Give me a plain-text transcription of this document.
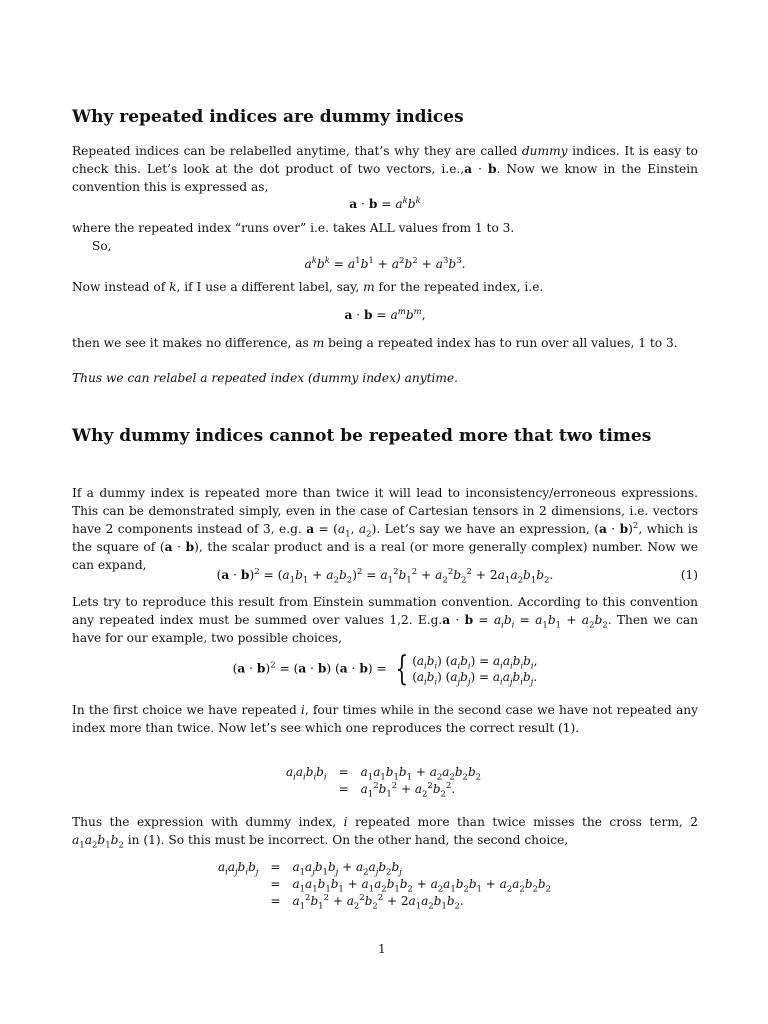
Why repeated indices are dummy indices

Repeated indices can be relabelled anytime, that’s why they are called dummy indices. It is easy to check this. Let’s look at the dot product of two vectors, i.e.,a · b. Now we know in the Einstein convention this is expressed as,

$a \cdot b = a^kb^k$

where the repeated index “runs over” i.e. takes ALL values from 1 to 3.

So,

$a^kb^k = a^1b^1 + a^2b^2 + a^3b^3$.

Now instead of k, if I use a different label, say, m for the repeated index, i.e.

$a \cdot b = a^mb^m$,

then we see it makes no difference, as m being a repeated index has to run over all values, 1 to 3.

Thus we can relabel a repeated index (dummy index) anytime.

Why dummy indices cannot be repeated more that two times

If a dummy index is repeated more than twice it will lead to inconsistency/erroneous expressions. This can be demonstrated simply, even in the case of Cartesian tensors in 2 dimensions, i.e. vectors have 2 components instead of 3, e.g. $a = (a_1$, $a_2$). Let’s say we have an expression, $(a \cdot b)^2$, which is the square of (a · b), the scalar product and is a real (or more generally complex) number. Now we can expand,

$(a \cdot b)^2 = (a_1b_1 + a_2b_2)^2 = a_1^2b_1^2 + a_2^2b_2^2 + 2a_1a_2b_1b_2$.	(1)

Lets try to reproduce this result from Einstein summation convention. According to this convention any repeated index must be summed over values 1,2. $E.g.a \cdot b = a_ib_i = a_1b_1 + a_2b_2$. Then we can have for our example, two possible choices,

$(a \cdot b)^2 = (a \cdot b)$ (a · b) = { $(a_ib_i) (a_ib_i) = a_ia_ib_ib_i$,
$(a_ib_i) (a_jb_j) = a_ia_jb_ib_j$.

In the first choice we have repeated i, four times while in the second case we have not repeated any index more than twice. Now let’s see which one reproduces the correct result (1).

$a_ia_ib_ib_i$	=	$a_1a_1b_1b_1 + a_2a_2b_2b_2$
	=	$a_1^2b_1^2 + a_2^2b_2^2$.

Thus the expression with dummy index, i repeated more than twice misses the cross term, 2 $a_1a_2b_1b_2$ in (1). So this must be incorrect. On the other hand, the second choice,

$a_ia_jb_ib_j$	=	$a_1a_jb_1b_j + a_2a_jb_2b_j$
	=	$a_1a_1b_1b_1 + a_1a_2b_1b_2 + a_2a_1b_2b_1 + a_2a_2b_2b_2$
	=	$a_1^2b_1^2 + a_2^2b_2^2 + 2a_1a_2b_1b_2$.
1
